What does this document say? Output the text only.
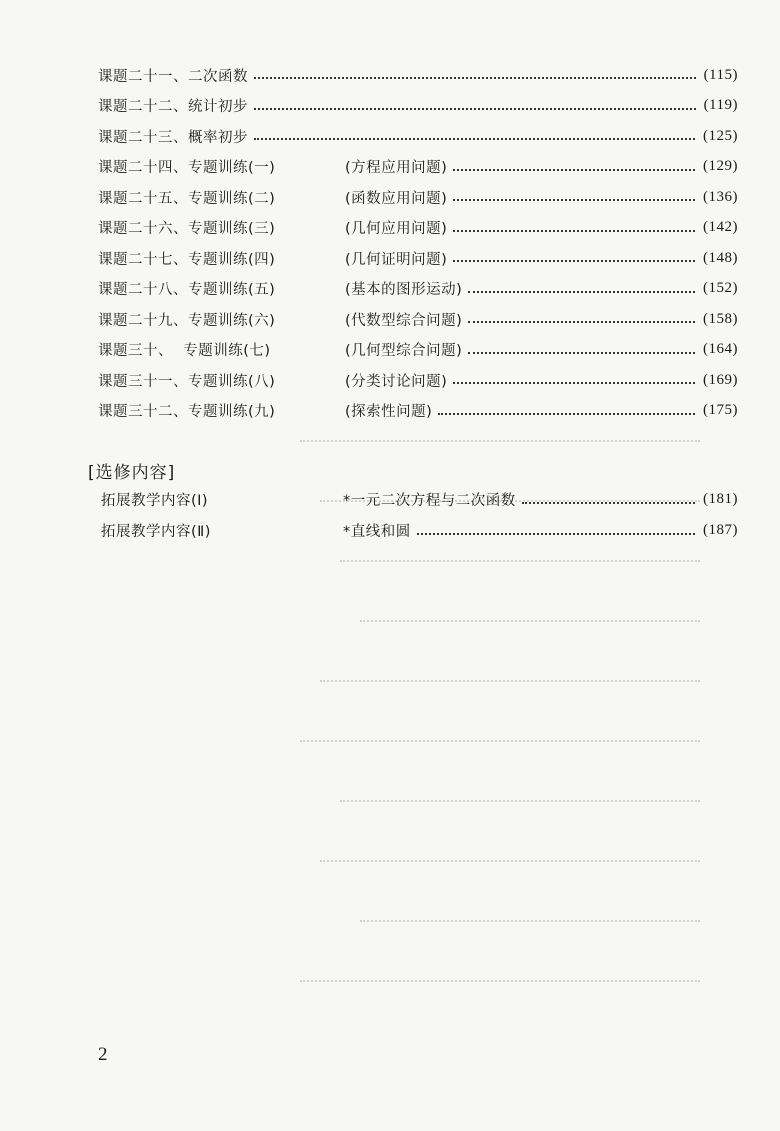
课题二十一、二次函数	(115)
课题二十二、统计初步	(119)
课题二十三、概率初步	(125)
课题二十四、专题训练(一)	(方程应用问题)	(129)
课题二十五、专题训练(二)	(函数应用问题)	(136)
课题二十六、专题训练(三)	(几何应用问题)	(142)
课题二十七、专题训练(四)	(几何证明问题)	(148)
课题二十八、专题训练(五)	(基本的图形运动)	(152)
课题二十九、专题训练(六)	(代数型综合问题)	(158)
课题三十、  专题训练(七)	(几何型综合问题)	(164)
课题三十一、专题训练(八)	(分类讨论问题)	(169)
课题三十二、专题训练(九)	(探索性问题)	(175)
[选修内容]
拓展教学内容(Ⅰ)	*一元二次方程与二次函数	(181)
拓展教学内容(Ⅱ)	*直线和圆	(187)
2
